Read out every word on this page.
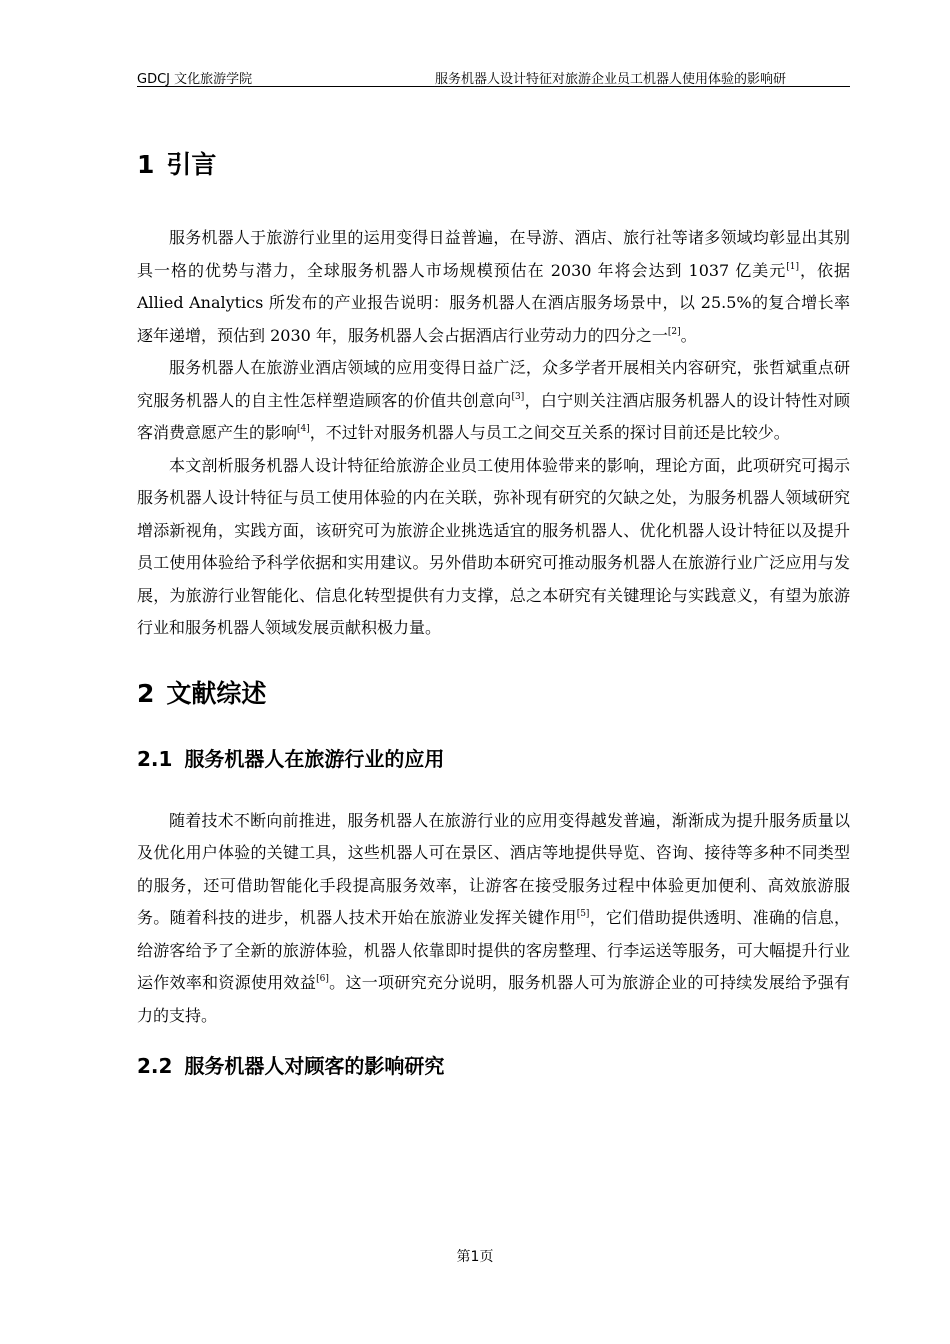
GDCJ 文化旅游学院	服务机器人设计特征对旅游企业员工机器人使用体验的影响研
1 引言

服务机器人于旅游行业里的运用变得日益普遍，在导游、酒店、旅行社等诸多领域均彰显出其别具一格的优势与潜力，全球服务机器人市场规模预估在 2030 年将会达到 1037 亿美元[1]，依据 Allied Analytics 所发布的产业报告说明：服务机器人在酒店服务场景中，以 25.5%的复合增长率逐年递增，预估到 2030 年，服务机器人会占据酒店行业劳动力的四分之一[2]。

服务机器人在旅游业酒店领域的应用变得日益广泛，众多学者开展相关内容研究，张哲斌重点研究服务机器人的自主性怎样塑造顾客的价值共创意向[3]，白宁则关注酒店服务机器人的设计特性对顾客消费意愿产生的影响[4]，不过针对服务机器人与员工之间交互关系的探讨目前还是比较少。

本文剖析服务机器人设计特征给旅游企业员工使用体验带来的影响，理论方面，此项研究可揭示服务机器人设计特征与员工使用体验的内在关联，弥补现有研究的欠缺之处，为服务机器人领域研究增添新视角，实践方面，该研究可为旅游企业挑选适宜的服务机器人、优化机器人设计特征以及提升员工使用体验给予科学依据和实用建议。另外借助本研究可推动服务机器人在旅游行业广泛应用与发展，为旅游行业智能化、信息化转型提供有力支撑，总之本研究有关键理论与实践意义，有望为旅游行业和服务机器人领域发展贡献积极力量。

2 文献综述
2.1 服务机器人在旅游行业的应用

随着技术不断向前推进，服务机器人在旅游行业的应用变得越发普遍，渐渐成为提升服务质量以及优化用户体验的关键工具，这些机器人可在景区、酒店等地提供导览、咨询、接待等多种不同类型的服务，还可借助智能化手段提高服务效率，让游客在接受服务过程中体验更加便利、高效旅游服务。随着科技的进步，机器人技术开始在旅游业发挥关键作用[5]，它们借助提供透明、准确的信息，给游客给予了全新的旅游体验，机器人依靠即时提供的客房整理、行李运送等服务，可大幅提升行业运作效率和资源使用效益[6]。这一项研究充分说明，服务机器人可为旅游企业的可持续发展给予强有力的支持。

2.2 服务机器人对顾客的影响研究
第1页
